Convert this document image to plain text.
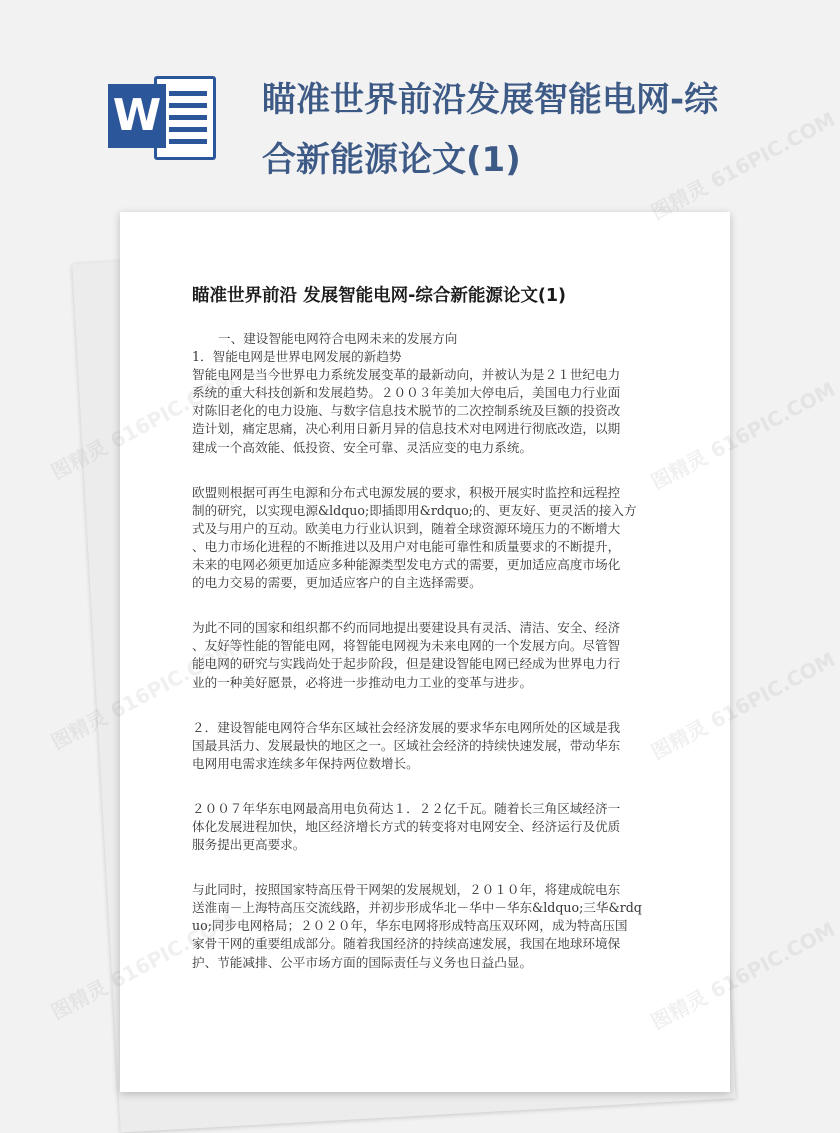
W	瞄准世界前沿发展智能电网-综合新能源论文(1)
瞄准世界前沿 发展智能电网-综合新能源论文(1)

一、建设智能电网符合电网未来的发展方向

1．智能电网是世界电网发展的新趋势

智能电网是当今世界电力系统发展变革的最新动向，并被认为是２１世纪电力
系统的重大科技创新和发展趋势。２００３年美加大停电后，美国电力行业面
对陈旧老化的电力设施、与数字信息技术脱节的二次控制系统及巨额的投资改
造计划，痛定思痛，决心利用日新月异的信息技术对电网进行彻底改造，以期
建成一个高效能、低投资、安全可靠、灵活应变的电力系统。

欧盟则根据可再生电源和分布式电源发展的要求，积极开展实时监控和远程控
制的研究，以实现电源&ldquo;即插即用&rdquo;的、更友好、更灵活的接入方
式及与用户的互动。欧美电力行业认识到，随着全球资源环境压力的不断增大
、电力市场化进程的不断推进以及用户对电能可靠性和质量要求的不断提升，
未来的电网必须更加适应多种能源类型发电方式的需要，更加适应高度市场化
的电力交易的需要，更加适应客户的自主选择需要。

为此不同的国家和组织都不约而同地提出要建设具有灵活、清洁、安全、经济
、友好等性能的智能电网，将智能电网视为未来电网的一个发展方向。尽管智
能电网的研究与实践尚处于起步阶段，但是建设智能电网已经成为世界电力行
业的一种美好愿景，必将进一步推动电力工业的变革与进步。

２．建设智能电网符合华东区域社会经济发展的要求华东电网所处的区域是我
国最具活力、发展最快的地区之一。区域社会经济的持续快速发展，带动华东
电网用电需求连续多年保持两位数增长。

２００７年华东电网最高用电负荷达１．２２亿千瓦。随着长三角区域经济一
体化发展进程加快，地区经济增长方式的转变将对电网安全、经济运行及优质
服务提出更高要求。

与此同时，按照国家特高压骨干网架的发展规划，２０１０年，将建成皖电东
送淮南－上海特高压交流线路，并初步形成华北－华中－华东&ldquo;三华&rdq
uo;同步电网格局；２０２０年，华东电网将形成特高压双环网，成为特高压国
家骨干网的重要组成部分。随着我国经济的持续高速发展，我国在地球环境保
护、节能减排、公平市场方面的国际责任与义务也日益凸显。

图精灵 616PIC.COM
图精灵	图精灵 616PIC.COM
图精灵	图精灵 616PIC.COM
图精灵	图精灵 616PIC.COM
